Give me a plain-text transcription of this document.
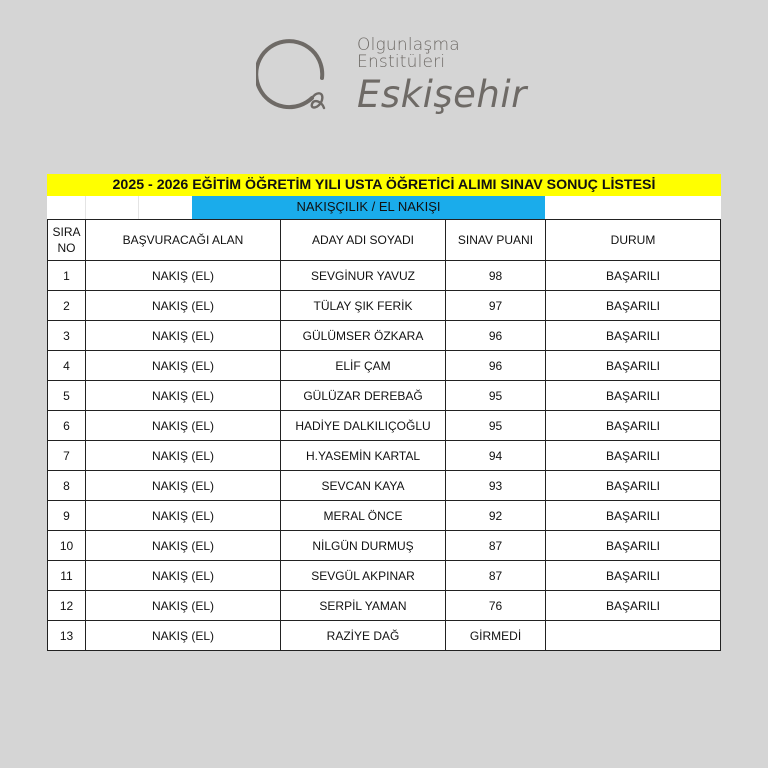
Olgunlaşma
Enstitüleri
Eskişehir
2025 - 2026 EĞİTİM ÖĞRETİM YILI USTA ÖĞRETİCİ ALIMI SINAV SONUÇ LİSTESİ
NAKIŞÇILIK / EL NAKIŞI
SIRA
NO	BAŞVURACAĞI ALAN	ADAY ADI SOYADI	SINAV PUANI	DURUM
1	NAKIŞ (EL)	SEVGİNUR YAVUZ	98	BAŞARILI
2	NAKIŞ (EL)	TÜLAY ŞIK FERİK	97	BAŞARILI
3	NAKIŞ (EL)	GÜLÜMSER ÖZKARA	96	BAŞARILI
4	NAKIŞ (EL)	ELİF ÇAM	96	BAŞARILI
5	NAKIŞ (EL)	GÜLÜZAR DEREBAĞ	95	BAŞARILI
6	NAKIŞ (EL)	HADİYE DALKILIÇOĞLU	95	BAŞARILI
7	NAKIŞ (EL)	H.YASEMİN KARTAL	94	BAŞARILI
8	NAKIŞ (EL)	SEVCAN KAYA	93	BAŞARILI
9	NAKIŞ (EL)	MERAL ÖNCE	92	BAŞARILI
10	NAKIŞ (EL)	NİLGÜN DURMUŞ	87	BAŞARILI
11	NAKIŞ (EL)	SEVGÜL AKPINAR	87	BAŞARILI
12	NAKIŞ (EL)	SERPİL YAMAN	76	BAŞARILI
13	NAKIŞ (EL)	RAZİYE DAĞ	GİRMEDİ	
